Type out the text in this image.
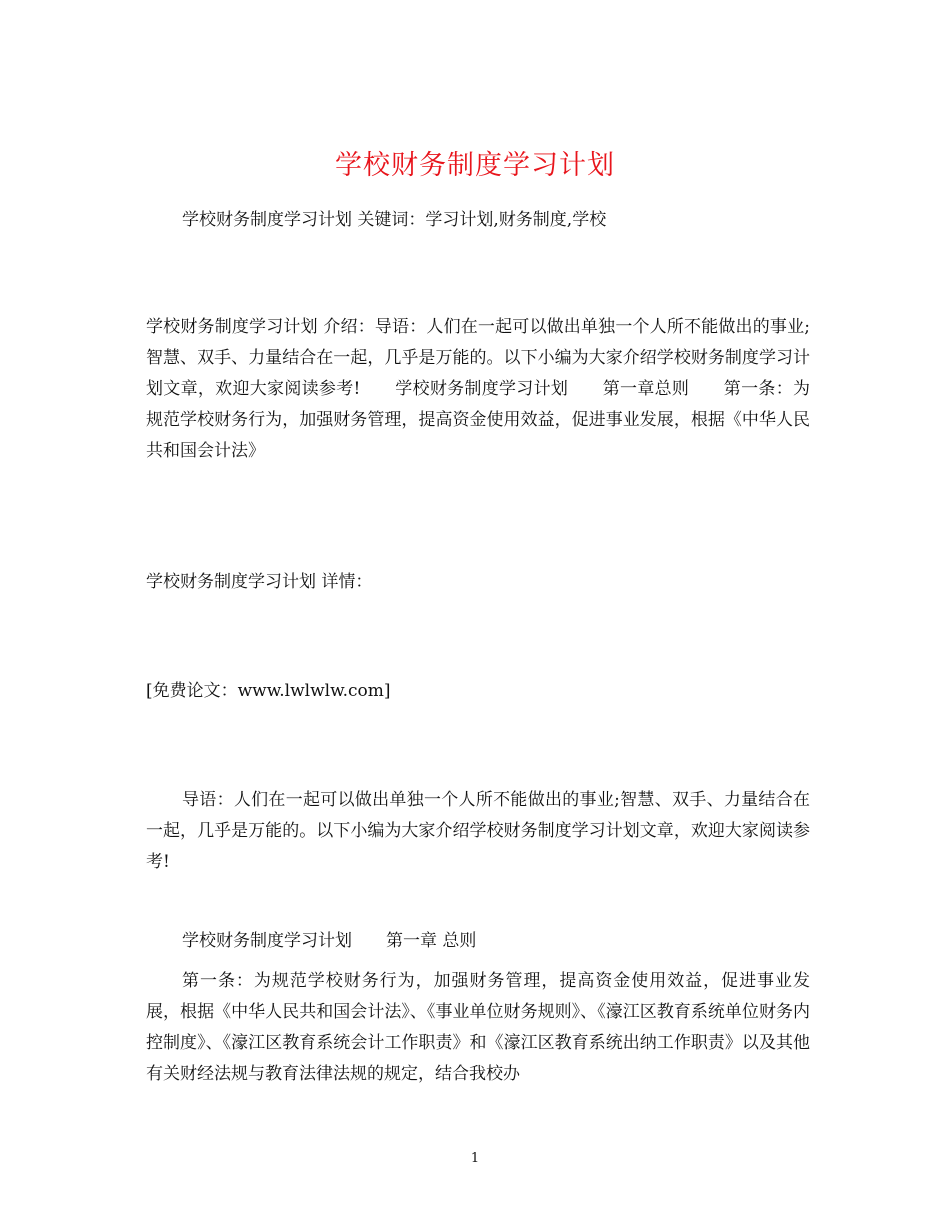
学校财务制度学习计划

学校财务制度学习计划 关键词：学习计划,财务制度,学校

学校财务制度学习计划 介绍：导语：人们在一起可以做出单独一个人所不能做出的事业;智慧、双手、力量结合在一起，几乎是万能的。以下小编为大家介绍学校财务制度学习计划文章，欢迎大家阅读参考!　　学校财务制度学习计划　　第一章总则　　第一条：为规范学校财务行为，加强财务管理，提高资金使用效益，促进事业发展，根据《中华人民共和国会计法》

学校财务制度学习计划 详情：

[免费论文：www.lwlwlw.com]

导语：人们在一起可以做出单独一个人所不能做出的事业;智慧、双手、力量结合在一起，几乎是万能的。以下小编为大家介绍学校财务制度学习计划文章，欢迎大家阅读参考!

学校财务制度学习计划　　第一章 总则

第一条：为规范学校财务行为，加强财务管理，提高资金使用效益，促进事业发展，根据《中华人民共和国会计法》、《事业单位财务规则》、《濠江区教育系统单位财务内控制度》、《濠江区教育系统会计工作职责》和《濠江区教育系统出纳工作职责》以及其他有关财经法规与教育法律法规的规定，结合我校办

1
